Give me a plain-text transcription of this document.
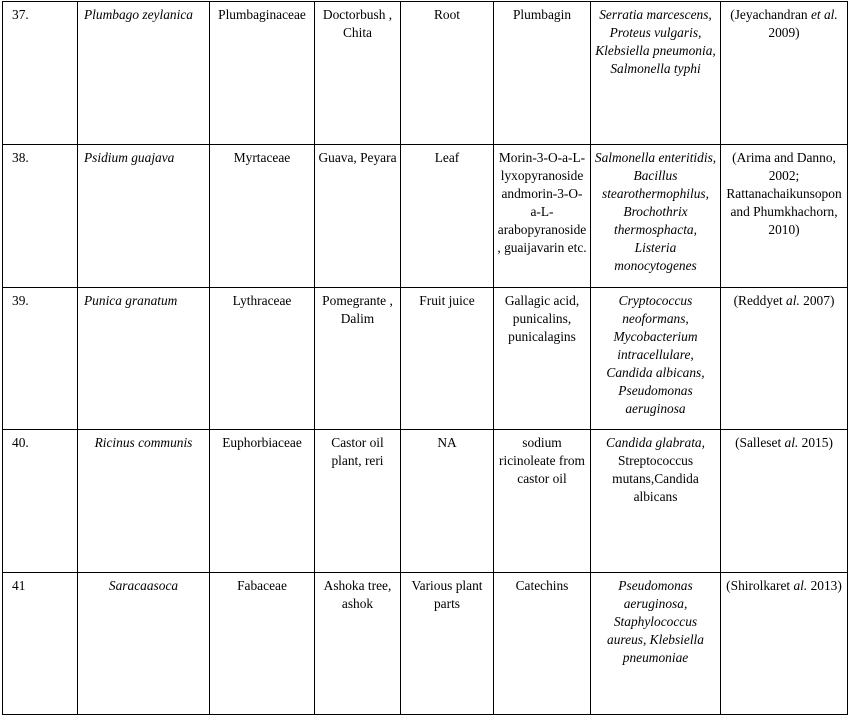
37.	Plumbago zeylanica	Plumbaginaceae	Doctorbush , Chita	Root	Plumbagin	Serratia marcescens, Proteus vulgaris, Klebsiella pneumonia, Salmonella typhi	(Jeyachandran et al. 2009)
38.	Psidium guajava	Myrtaceae	Guava, Peyara	Leaf	Morin-3-O-a-L-lyxopyranoside andmorin-3-O-a-L-arabopyranoside, guaijavarin etc.	Salmonella enteritidis, Bacillus stearothermophilus, Brochothrix thermosphacta, Listeria monocytogenes	(Arima and Danno, 2002; Rattanachaikunsopon and Phumkhachorn, 2010)
39.	Punica granatum	Lythraceae	Pomegrante , Dalim	Fruit juice	Gallagic acid, punicalins, punicalagins	Cryptococcus neoformans, Mycobacterium intracellulare, Candida albicans, Pseudomonas aeruginosa	(Reddyet al. 2007)
40.	Ricinus communis	Euphorbiaceae	Castor oil plant, reri	NA	sodium ricinoleate from castor oil	Candida glabrata, Streptococcus mutans,Candida albicans	(Salleset al. 2015)
41	Saracaasoca	Fabaceae	Ashoka tree, ashok	Various plant parts	Catechins	Pseudomonas aeruginosa, Staphylococcus aureus, Klebsiella pneumoniae	(Shirolkaret al. 2013)
